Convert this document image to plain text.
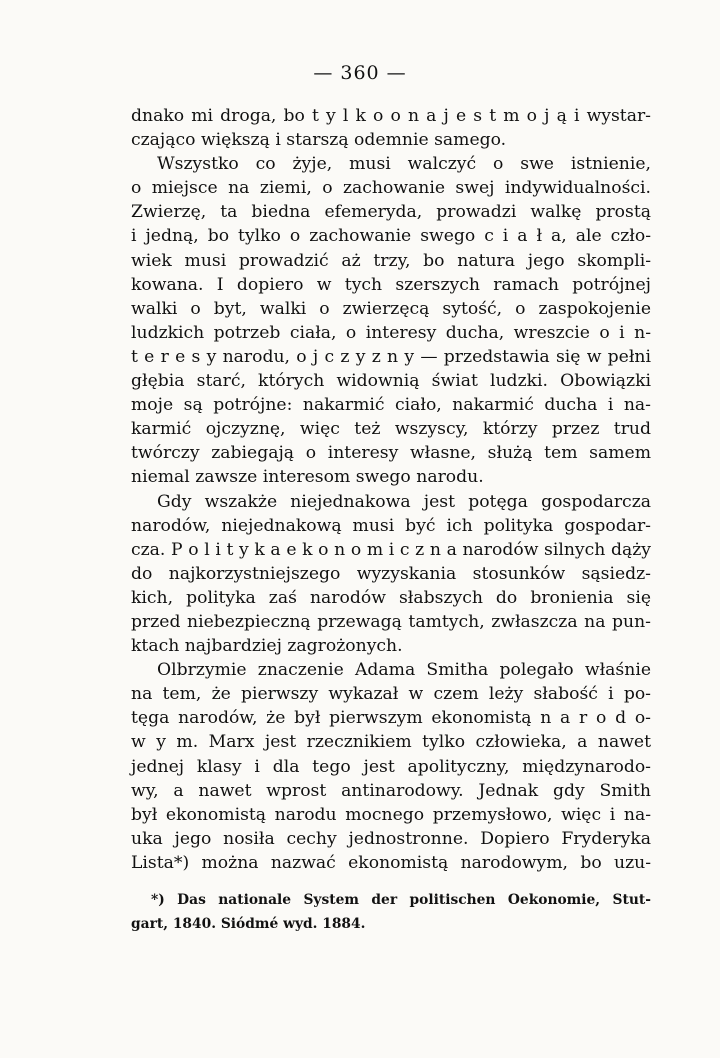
— 360 —
dnako mi droga, bo t y l k o o n a j e s t m o j ą i wystar-
czająco większą i starszą odemnie samego.
Wszystko co żyje, musi walczyć o swe istnienie,
o miejsce na ziemi, o zachowanie swej indywidualności.
Zwierzę, ta biedna efemeryda, prowadzi walkę prostą
i jedną, bo tylko o zachowanie swego c i a ł a, ale czło-
wiek musi prowadzić aż trzy, bo natura jego skompli-
kowana. I dopiero w tych szerszych ramach potrójnej
walki o byt, walki o zwierzęcą sytość, o zaspokojenie
ludzkich potrzeb ciała, o interesy ducha, wreszcie o i n-
t e r e s y narodu, o j c z y z n y — przedstawia się w pełni
głębia starć, których widownią świat ludzki. Obowiązki
moje są potrójne: nakarmić ciało, nakarmić ducha i na-
karmić ojczyznę, więc też wszyscy, którzy przez trud
twórczy zabiegają o interesy własne, służą tem samem
niemal zawsze interesom swego narodu.
Gdy wszakże niejednakowa jest potęga gospodarcza
narodów, niejednakową musi być ich polityka gospodar-
cza. P o l i t y k a e k o n o m i c z n a narodów silnych dąży
do najkorzystniejszego wyzyskania stosunków sąsiedz-
kich, polityka zaś narodów słabszych do bronienia się
przed niebezpieczną przewagą tamtych, zwłaszcza na pun-
ktach najbardziej zagrożonych.
Olbrzymie znaczenie Adama Smitha polegało właśnie
na tem, że pierwszy wykazał w czem leży słabość i po-
tęga narodów, że był pierwszym ekonomistą n a r o d o-
w y m. Marx jest rzecznikiem tylko człowieka, a nawet
jednej klasy i dla tego jest apolityczny, międzynarodo-
wy, a nawet wprost antinarodowy. Jednak gdy Smith
był ekonomistą narodu mocnego przemysłowo, więc i na-
uka jego nosiła cechy jednostronne. Dopiero Fryderyka
Lista*) można nazwać ekonomistą narodowym, bo uzu-
*) Das nationale System der politischen Oekonomie, Stut-
gart, 1840. Siódmé wyd. 1884.
